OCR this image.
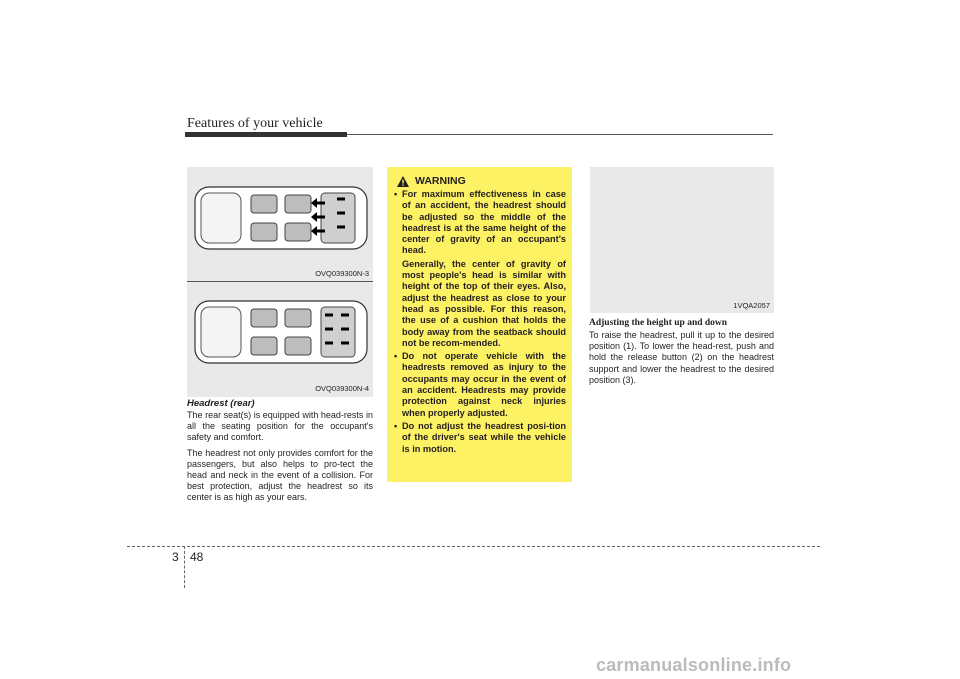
Features of your vehicle
OVQ039300N-3
OVQ039300N-4
Headrest (rear)

The rear seat(s) is equipped with head-rests in all the seating position for the occupant's safety and comfort.

The headrest not only provides comfort for the passengers, but also helps to pro-tect the head and neck in the event of a collision. For best protection, adjust the headrest so its center is as high as your ears.

WARNING
• For maximum effectiveness in case of an accident, the headrest should be adjusted so the middle of the headrest is at the same height of the center of gravity of an occupant's head.
Generally, the center of gravity of most people's head is similar with height of the top of their eyes. Also, adjust the headrest as close to your head as possible. For this reason, the use of a cushion that holds the body away from the seatback should not be recom-mended.
• Do not operate vehicle with the headrests removed as injury to the occupants may occur in the event of an accident. Headrests may provide protection against neck injuries when properly adjusted.
• Do not adjust the headrest posi-tion of the driver's seat while the vehicle is in motion.
1VQA2057
Adjusting the height up and down
To raise the headrest, pull it up to the desired position (1). To lower the head-rest, push and hold the release button (2) on the headrest support and lower the headrest to the desired position (3).
3 48
carmanualsonline.info
